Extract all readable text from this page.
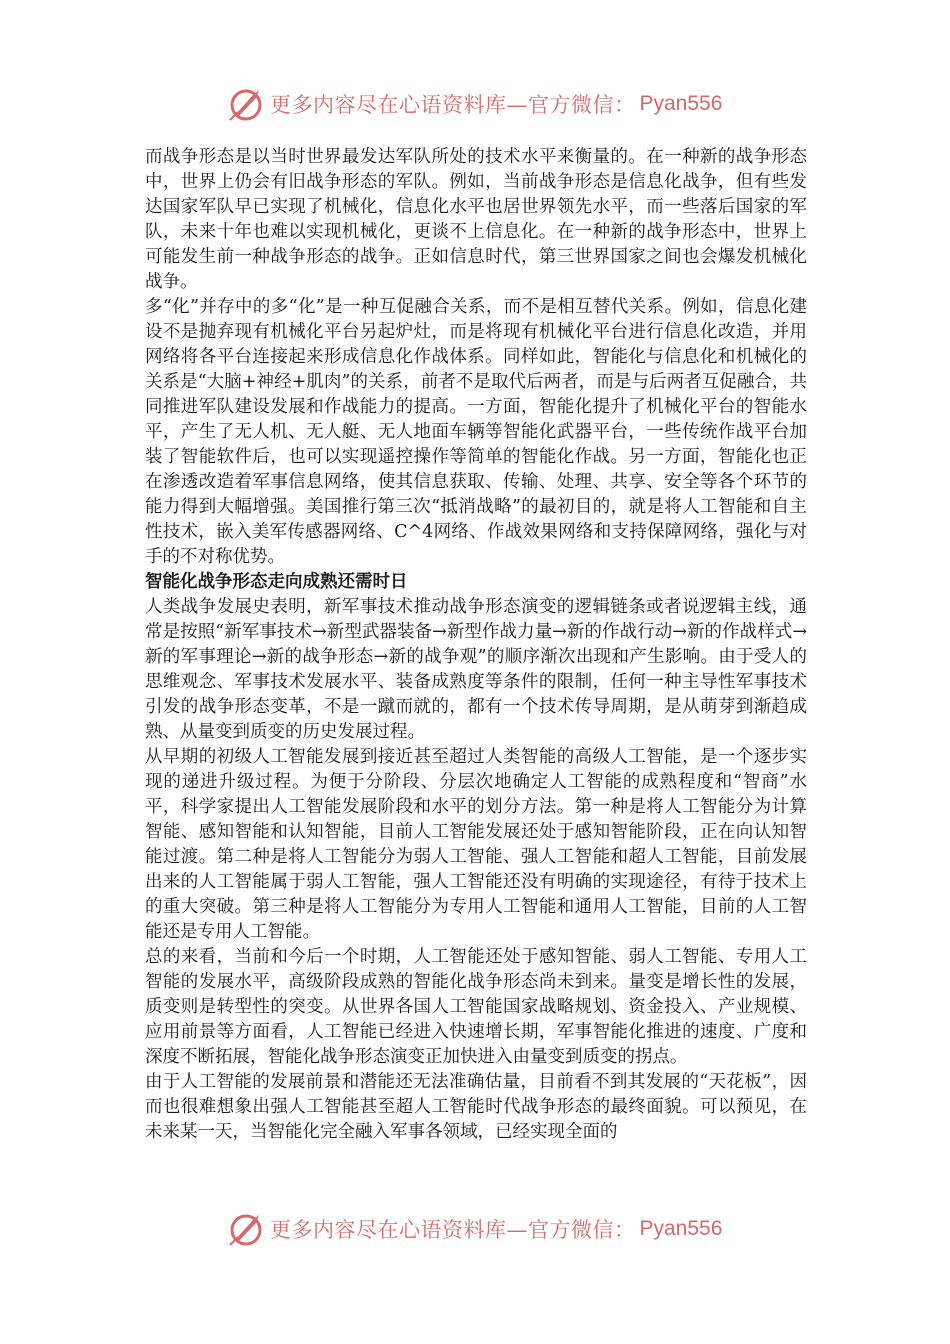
更多内容尽在心语资料库—官方微信： Pyan556

而战争形态是以当时世界最发达军队所处的技术水平来衡量的。在一种新的战争形态中，世界上仍会有旧战争形态的军队。例如，当前战争形态是信息化战争，但有些发达国家军队早已实现了机械化，信息化水平也居世界领先水平，而一些落后国家的军队，未来十年也难以实现机械化，更谈不上信息化。在一种新的战争形态中，世界上可能发生前一种战争形态的战争。正如信息时代，第三世界国家之间也会爆发机械化战争。

多“化”并存中的多“化”是一种互促融合关系，而不是相互替代关系。例如，信息化建设不是抛弃现有机械化平台另起炉灶，而是将现有机械化平台进行信息化改造，并用网络将各平台连接起来形成信息化作战体系。同样如此，智能化与信息化和机械化的关系是“大脑+神经+肌肉”的关系，前者不是取代后两者，而是与后两者互促融合，共同推进军队建设发展和作战能力的提高。一方面，智能化提升了机械化平台的智能水平，产生了无人机、无人艇、无人地面车辆等智能化武器平台，一些传统作战平台加装了智能软件后，也可以实现遥控操作等简单的智能化作战。另一方面，智能化也正在渗透改造着军事信息网络，使其信息获取、传输、处理、共享、安全等各个环节的能力得到大幅增强。美国推行第三次“抵消战略”的最初目的，就是将人工智能和自主性技术，嵌入美军传感器网络、C^4网络、作战效果网络和支持保障网络，强化与对手的不对称优势。

智能化战争形态走向成熟还需时日

人类战争发展史表明，新军事技术推动战争形态演变的逻辑链条或者说逻辑主线，通常是按照“新军事技术→新型武器装备→新型作战力量→新的作战行动→新的作战样式→新的军事理论→新的战争形态→新的战争观”的顺序渐次出现和产生影响。由于受人的思维观念、军事技术发展水平、装备成熟度等条件的限制，任何一种主导性军事技术引发的战争形态变革，不是一蹴而就的，都有一个技术传导周期，是从萌芽到渐趋成熟、从量变到质变的历史发展过程。

从早期的初级人工智能发展到接近甚至超过人类智能的高级人工智能，是一个逐步实现的递进升级过程。为便于分阶段、分层次地确定人工智能的成熟程度和“智商”水平，科学家提出人工智能发展阶段和水平的划分方法。第一种是将人工智能分为计算智能、感知智能和认知智能，目前人工智能发展还处于感知智能阶段，正在向认知智能过渡。第二种是将人工智能分为弱人工智能、强人工智能和超人工智能，目前发展出来的人工智能属于弱人工智能，强人工智能还没有明确的实现途径，有待于技术上的重大突破。第三种是将人工智能分为专用人工智能和通用人工智能，目前的人工智能还是专用人工智能。

总的来看，当前和今后一个时期，人工智能还处于感知智能、弱人工智能、专用人工智能的发展水平，高级阶段成熟的智能化战争形态尚未到来。量变是增长性的发展，质变则是转型性的突变。从世界各国人工智能国家战略规划、资金投入、产业规模、应用前景等方面看，人工智能已经进入快速增长期，军事智能化推进的速度、广度和深度不断拓展，智能化战争形态演变正加快进入由量变到质变的拐点。

由于人工智能的发展前景和潜能还无法准确估量，目前看不到其发展的“天花板”，因而也很难想象出强人工智能甚至超人工智能时代战争形态的最终面貌。可以预见，在未来某一天，当智能化完全融入军事各领域，已经实现全面的

更多内容尽在心语资料库—官方微信： Pyan556
